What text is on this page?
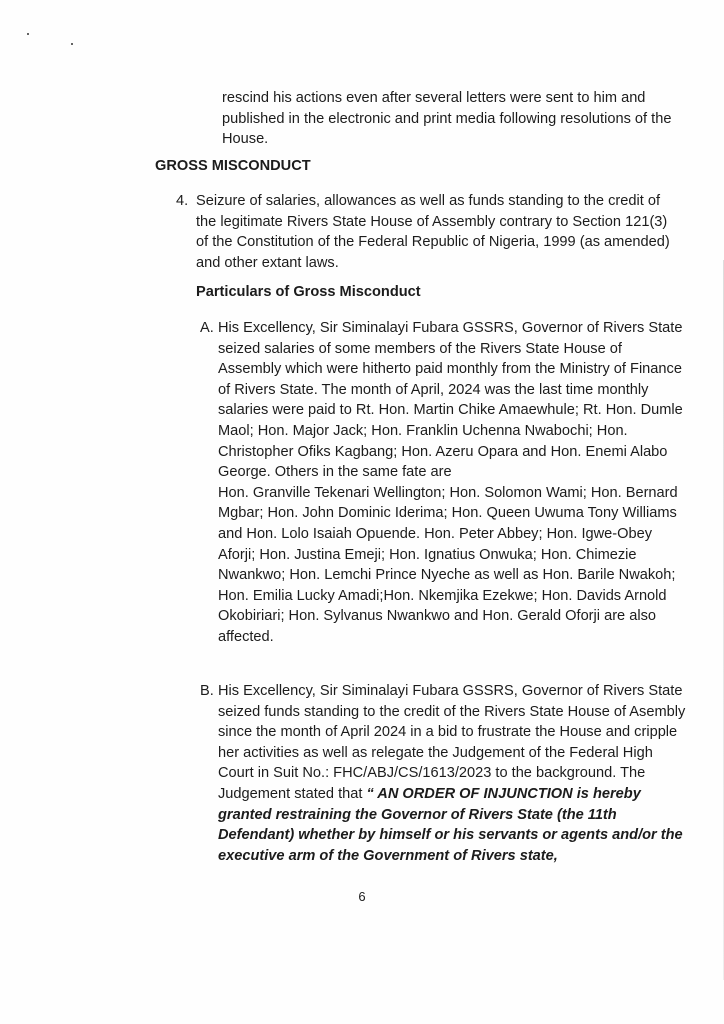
rescind his actions even after several letters were sent to him and published in the electronic and print media following resolutions of the House.

GROSS MISCONDUCT
4. Seizure of salaries, allowances as well as funds standing to the credit of the legitimate Rivers State House of Assembly contrary to Section 121(3) of the Constitution of the Federal Republic of Nigeria, 1999 (as amended) and other extant laws.

Particulars of Gross Misconduct
A. His Excellency, Sir Siminalayi Fubara GSSRS, Governor of Rivers State seized salaries of some members of the Rivers State House of Assembly which were hitherto paid monthly from the Ministry of Finance of Rivers State. The month of April, 2024 was the last time monthly salaries were paid to Rt. Hon. Martin Chike Amaewhule; Rt. Hon. Dumle Maol; Hon. Major Jack; Hon. Franklin Uchenna Nwabochi; Hon. Christopher Ofiks Kagbang; Hon. Azeru Opara and Hon. Enemi Alabo George. Others in the same fate are
Hon. Granville Tekenari Wellington; Hon. Solomon Wami; Hon. Bernard Mgbar; Hon. John Dominic Iderima; Hon. Queen Uwuma Tony Williams and Hon. Lolo Isaiah Opuende. Hon. Peter Abbey; Hon. Igwe-Obey Aforji; Hon. Justina Emeji; Hon. Ignatius Onwuka; Hon. Chimezie Nwankwo; Hon. Lemchi Prince Nyeche as well as Hon. Barile Nwakoh; Hon. Emilia Lucky Amadi;Hon. Nkemjika Ezekwe; Hon. Davids Arnold Okobiriari; Hon. Sylvanus Nwankwo and Hon. Gerald Oforji are also affected.
B. His Excellency, Sir Siminalayi Fubara GSSRS, Governor of Rivers State seized funds standing to the credit of the Rivers State House of Asembly since the month of April 2024 in a bid to frustrate the House and cripple her activities as well as relegate the Judgement of the Federal High Court in Suit No.: FHC/ABJ/CS/1613/2023 to the background. The Judgement stated that “ AN ORDER OF INJUNCTION is hereby granted restraining the Governor of Rivers State (the 11th Defendant) whether by himself or his servants or agents and/or the executive arm of the Government of Rivers state,
6
